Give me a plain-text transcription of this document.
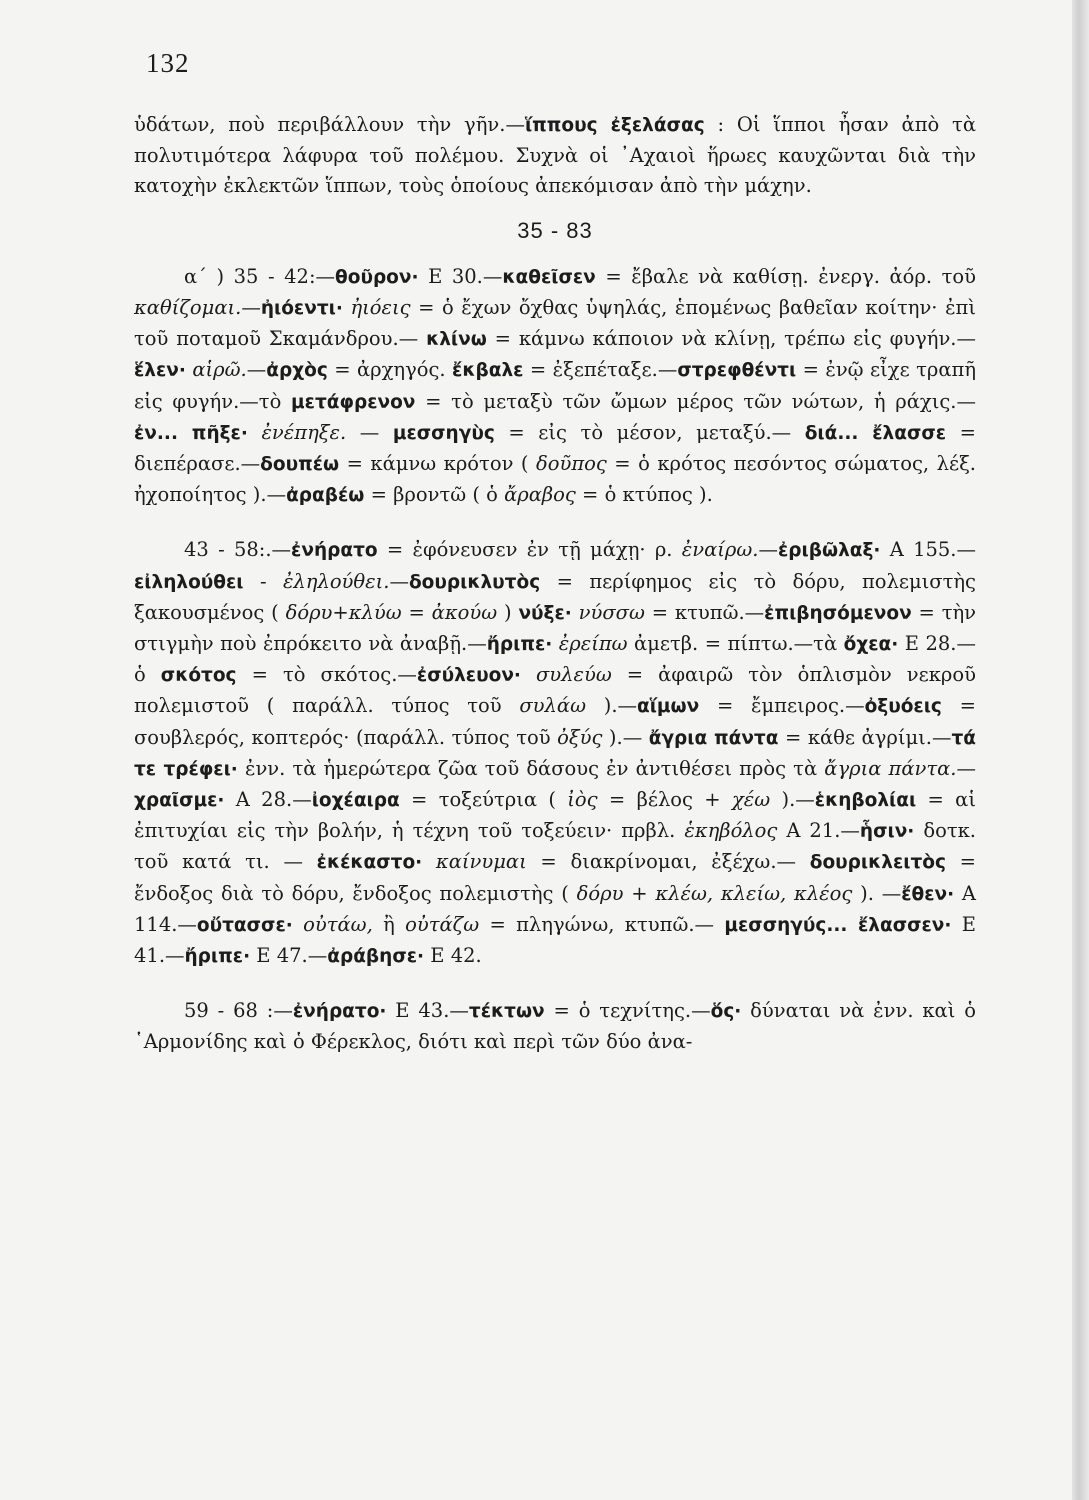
132

ὑδάτων, ποὺ περιβάλλουν τὴν γῆν.—ἵππους ἐξελάσας : Οἱ ἵπποι ἦσαν ἀπὸ τὰ πολυτιμότερα λάφυρα τοῦ πολέμου. Συχνὰ οἱ ᾿Αχαιοὶ ἥρωες καυχῶνται διὰ τὴν κατοχὴν ἐκλεκτῶν ἵππων, τοὺς ὁποίους ἀπεκόμισαν ἀπὸ τὴν μάχην.

35 - 83

α΄ ) 35 - 42:—θοῦρον· Ε 30.—καθεῖσεν = ἔβαλε νὰ καθίσῃ. ἐνεργ. ἀόρ. τοῦ καθίζομαι.—ἠιόεντι· ἠιόεις = ὁ ἔχων ὄχθας ὑψηλάς, ἑπομένως βαθεῖαν κοίτην· ἐπὶ τοῦ ποταμοῦ Σκαμάνδρου.— κλίνω = κάμνω κάποιον νὰ κλίνῃ, τρέπω εἰς φυγήν.—ἕλεν· αἱρῶ.—ἀρχὸς = ἀρχηγός. ἔκβαλε = ἐξεπέταξε.—στρεφθέντι = ἐνῷ εἶχε τραπῆ εἰς φυγήν.—τὸ μετάφρενον = τὸ μεταξὺ τῶν ὤμων μέρος τῶν νώτων, ἡ ράχις.— ἐν... πῆξε· ἐνέπηξε. — μεσσηγὺς = εἰς τὸ μέσον, μεταξύ.— διά... ἔλασσε = διεπέρασε.—δουπέω = κάμνω κρότον ( δοῦπος = ὁ κρότος πεσόντος σώματος, λέξ. ἠχοποίητος ).—ἀραβέω = βροντῶ ( ὁ ἄραβος = ὁ κτύπος ).

43 - 58:.—ἐνήρατο = ἐφόνευσεν ἐν τῇ μάχῃ· ρ. ἐναίρω.—ἐριβῶλαξ· Α 155.—εἰληλούθει - ἐληλούθει.—δουρικλυτὸς = περίφημος εἰς τὸ δόρυ, πολεμιστὴς ξακουσμένος ( δόρυ+κλύω = ἀκούω ) νύξε· νύσσω = κτυπῶ.—ἐπιβησόμενον = τὴν στιγμὴν ποὺ ἐπρόκειτο νὰ ἀναβῇ.—ἤριπε· ἐρείπω ἀμετβ. = πίπτω.—τὰ ὄχεα· Ε 28.—ὁ σκότος = τὸ σκότος.—ἐσύλευον· συλεύω = ἀφαιρῶ τὸν ὁπλισμὸν νεκροῦ πολεμιστοῦ ( παράλλ. τύπος τοῦ συλάω ).—αἵμων = ἔμπειρος.—ὀξυόεις = σουβλερός, κοπτερός· (παράλλ. τύπος τοῦ ὀξύς ).— ἄγρια πάντα = κάθε ἀγρίμι.—τά τε τρέφει· ἐνν. τὰ ἡμερώτερα ζῶα τοῦ δάσους ἐν ἀντιθέσει πρὸς τὰ ἄγρια πάντα.—χραῖσμε· Α 28.—ἰοχέαιρα = τοξεύτρια ( ἰὸς = βέλος + χέω ).—ἑκηβολίαι = αἱ ἐπιτυχίαι εἰς τὴν βολήν, ἡ τέχνη τοῦ τοξεύειν· πρβλ. ἑκηβόλος Α 21.—ἧσιν· δοτκ. τοῦ κατά τι. — ἐκέκαστο· καίνυμαι = διακρίνομαι, ἐξέχω.— δουρικλειτὸς = ἔνδοξος διὰ τὸ δόρυ, ἔνδοξος πολεμιστὴς ( δόρυ + κλέω, κλείω, κλέος ). —ἔθεν· Α 114.—οὔτασσε· οὐτάω, ἢ οὐτάζω = πληγώνω, κτυπῶ.— μεσσηγύς... ἔλασσεν· Ε 41.—ἤριπε· Ε 47.—ἀράβησε· Ε 42.

59 - 68 :—ἐνήρατο· Ε 43.—τέκτων = ὁ τεχνίτης.—ὅς· δύναται νὰ ἐνν. καὶ ὁ ῾Αρμονίδης καὶ ὁ Φέρεκλος, διότι καὶ περὶ τῶν δύο ἀνα-
